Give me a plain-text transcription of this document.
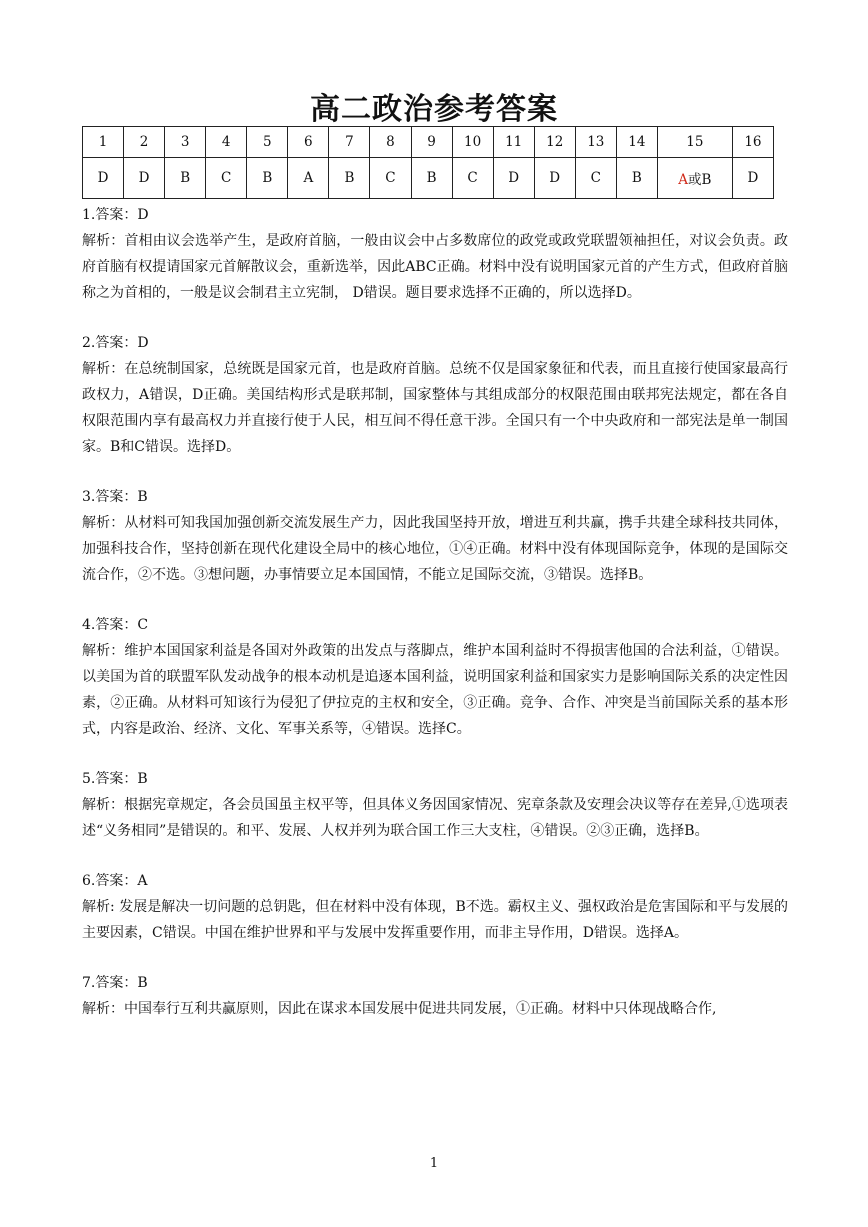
高二政治参考答案
1	2	3	4	5	6	7	8	9	10	11	12	13	14	15	16
D	D	B	C	B	A	B	C	B	C	D	D	C	B	A或B	D

1.答案：D

解析：首相由议会选举产生，是政府首脑，一般由议会中占多数席位的政党或政党联盟领袖担任，对议会负责。政府首脑有权提请国家元首解散议会，重新选举，因此ABC正确。材料中没有说明国家元首的产生方式，但政府首脑称之为首相的，一般是议会制君主立宪制， D错误。题目要求选择不正确的，所以选择D。

2.答案：D

解析：在总统制国家，总统既是国家元首，也是政府首脑。总统不仅是国家象征和代表，而且直接行使国家最高行政权力，A错误，D正确。美国结构形式是联邦制，国家整体与其组成部分的权限范围由联邦宪法规定，都在各自权限范围内享有最高权力并直接行使于人民，相互间不得任意干涉。全国只有一个中央政府和一部宪法是单一制国家。B和C错误。选择D。

3.答案：B

解析：从材料可知我国加强创新交流发展生产力，因此我国坚持开放，增进互利共赢，携手共建全球科技共同体，加强科技合作，坚持创新在现代化建设全局中的核心地位，①④正确。材料中没有体现国际竞争，体现的是国际交流合作，②不选。③想问题，办事情要立足本国国情，不能立足国际交流，③错误。选择B。

4.答案：C

解析：维护本国国家利益是各国对外政策的出发点与落脚点，维护本国利益时不得损害他国的合法利益，①错误。以美国为首的联盟军队发动战争的根本动机是追逐本国利益，说明国家利益和国家实力是影响国际关系的决定性因素，②正确。从材料可知该行为侵犯了伊拉克的主权和安全，③正确。竞争、合作、冲突是当前国际关系的基本形式，内容是政治、经济、文化、军事关系等，④错误。选择C。

5.答案：B

解析：根据宪章规定，各会员国虽主权平等，但具体义务因国家情况、宪章条款及安理会决议等存在差异,①选项表述“义务相同”是错误的。和平、发展、人权并列为联合国工作三大支柱，④错误。②③正确，选择B。

6.答案：A

解析: 发展是解决一切问题的总钥匙，但在材料中没有体现，B不选。霸权主义、强权政治是危害国际和平与发展的主要因素，C错误。中国在维护世界和平与发展中发挥重要作用，而非主导作用，D错误。选择A。

7.答案：B

解析：中国奉行互利共赢原则，因此在谋求本国发展中促进共同发展，①正确。材料中只体现战略合作,

1
